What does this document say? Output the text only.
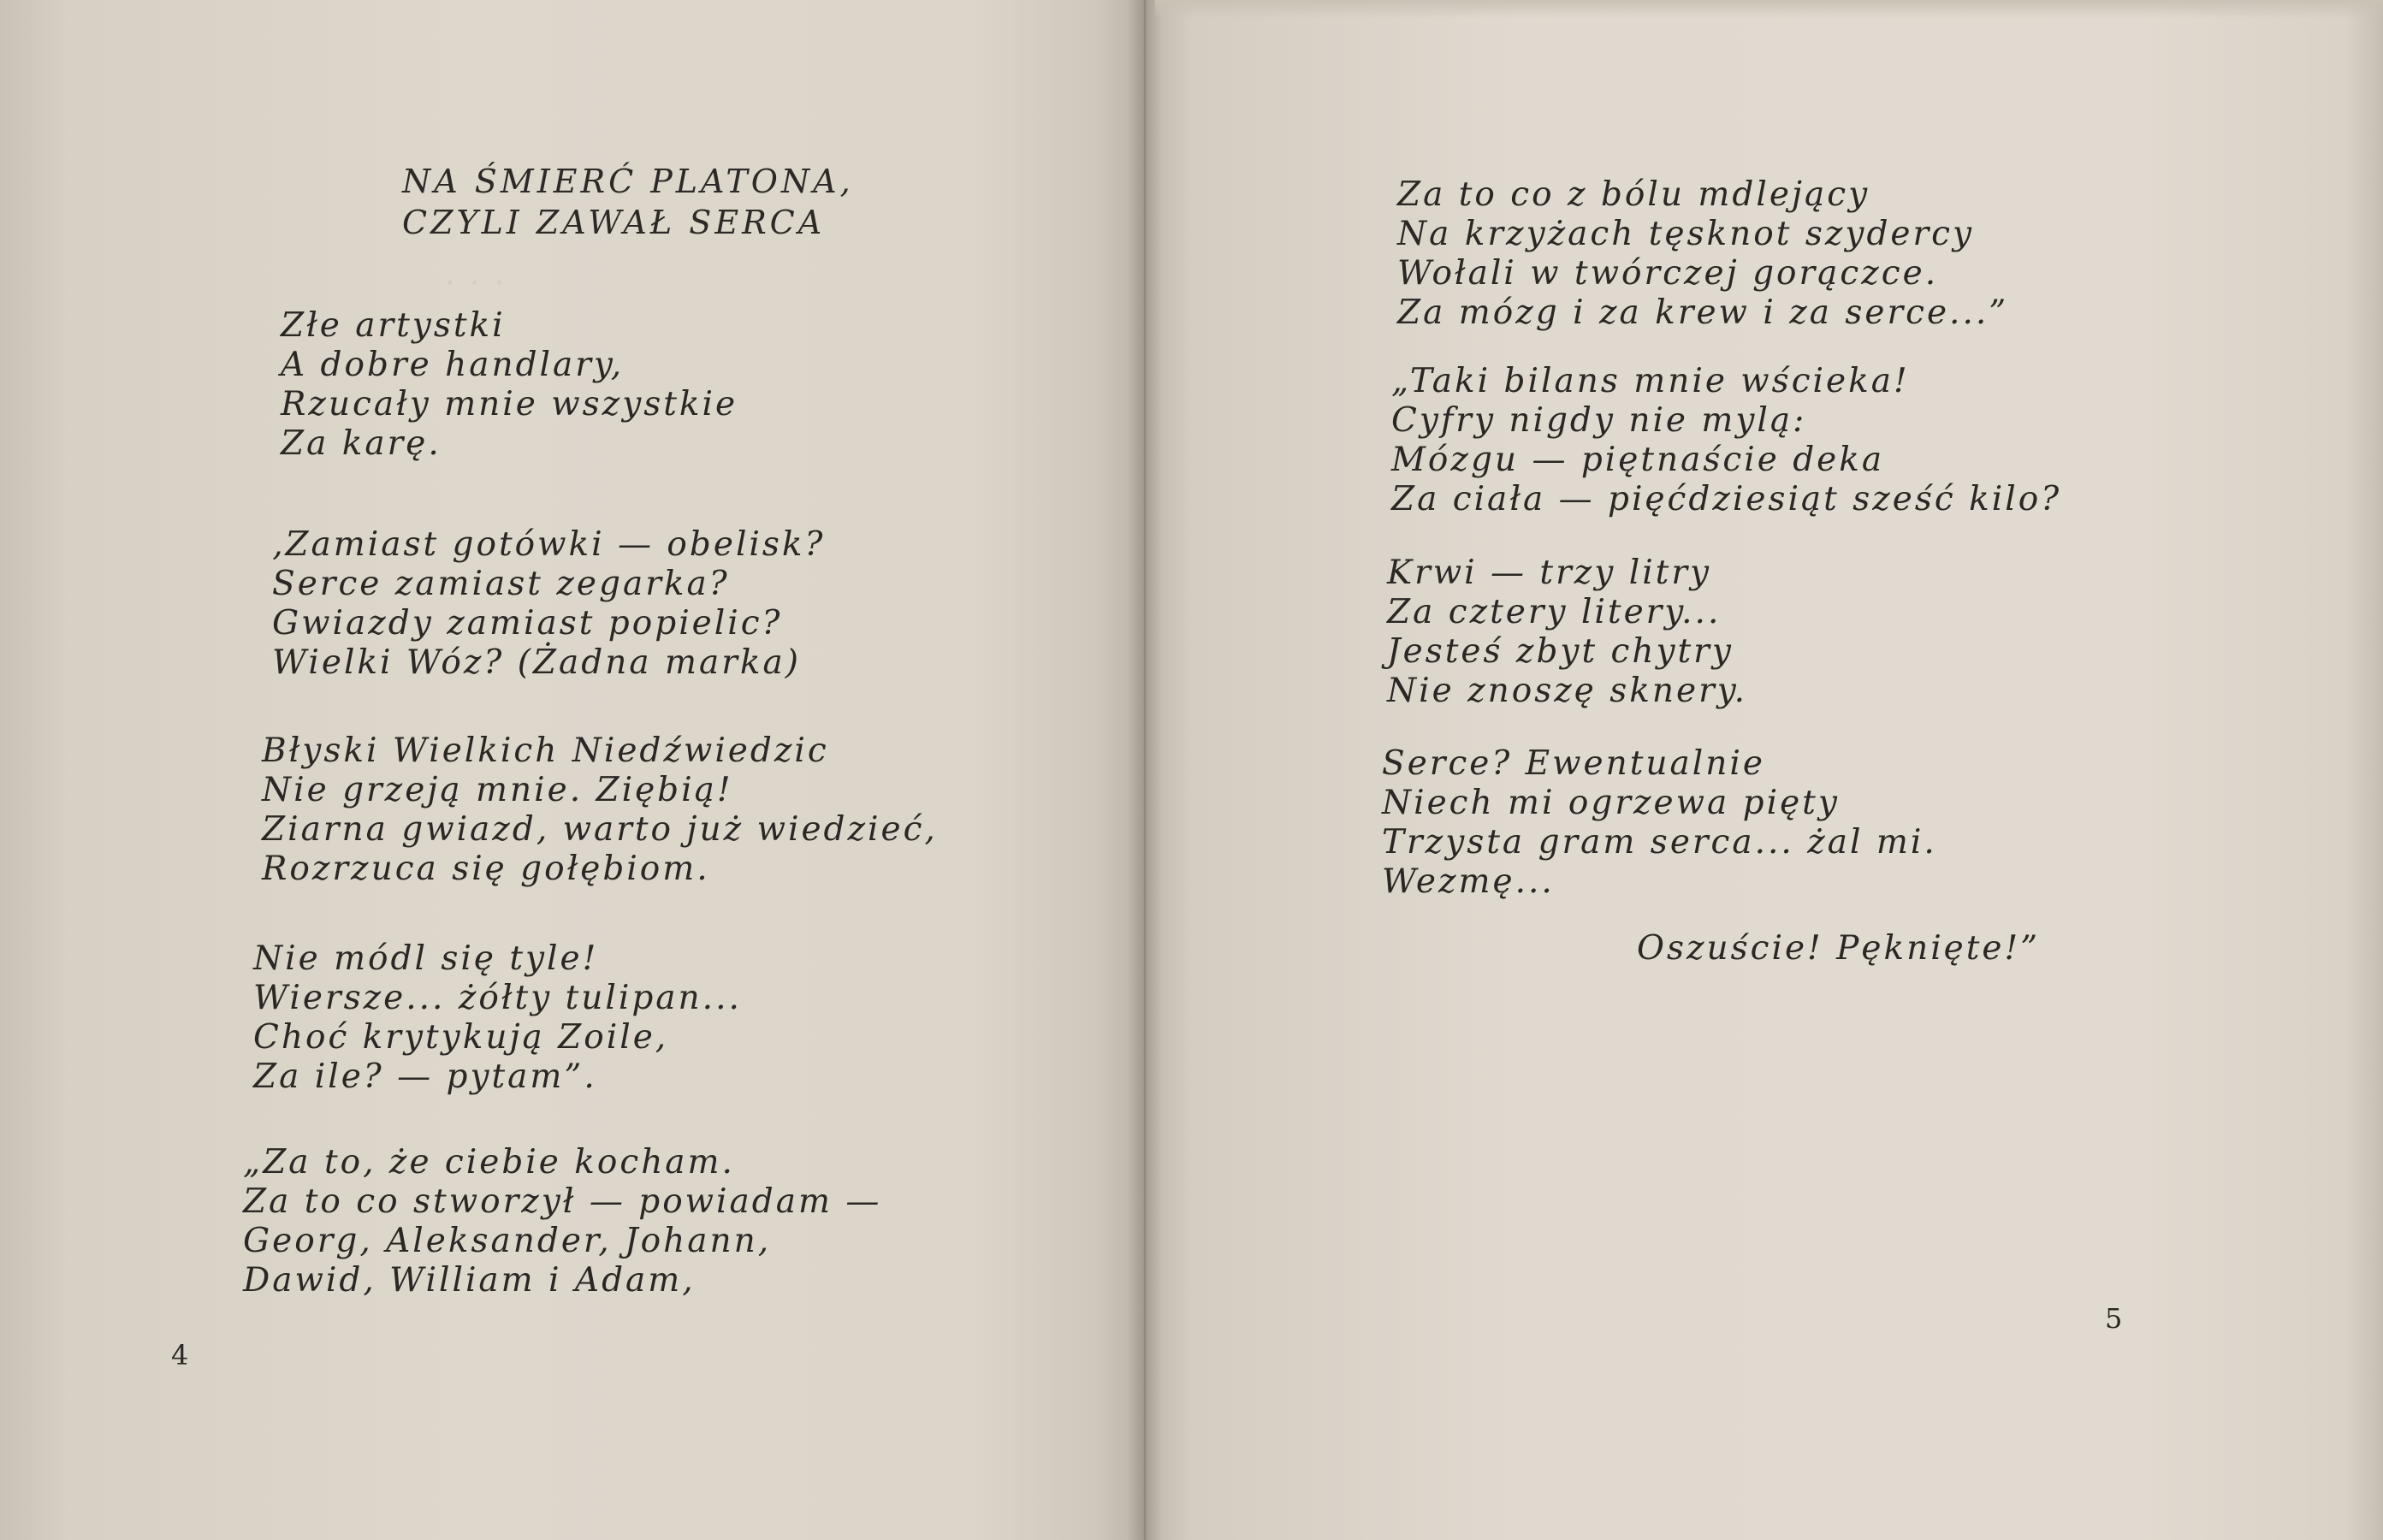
. . .
NA ŚMIERĆ PLATONA,
CZYLI ZAWAŁ SERCA
Złe artystki
A dobre handlary,
Rzucały mnie wszystkie
Za karę.
‚Zamiast gotówki — obelisk?
Serce zamiast zegarka?
Gwiazdy zamiast popielic?
Wielki Wóz? (Żadna marka)
Błyski Wielkich Niedźwiedzic
Nie grzeją mnie. Ziębią!
Ziarna gwiazd, warto już wiedzieć,
Rozrzuca się gołębiom.
Nie módl się tyle!
Wiersze... żółty tulipan...
Choć krytykują Zoile,
Za ile? — pytam”.
„Za to, że ciebie kocham.
Za to co stworzył — powiadam —
Georg, Aleksander, Johann,
Dawid, William i Adam,
4
Za to co z bólu mdlejący
Na krzyżach tęsknot szydercy
Wołali w twórczej gorączce.
Za mózg i za krew i za serce...”
„Taki bilans mnie wścieka!
Cyfry nigdy nie mylą:
Mózgu — piętnaście deka
Za ciała — pięćdziesiąt sześć kilo?
Krwi — trzy litry
Za cztery litery...
Jesteś zbyt chytry
Nie znoszę sknery.
Serce? Ewentualnie
Niech mi ogrzewa pięty
Trzysta gram serca... żal mi.
Wezmę...
Oszuście! Pęknięte!”
5
